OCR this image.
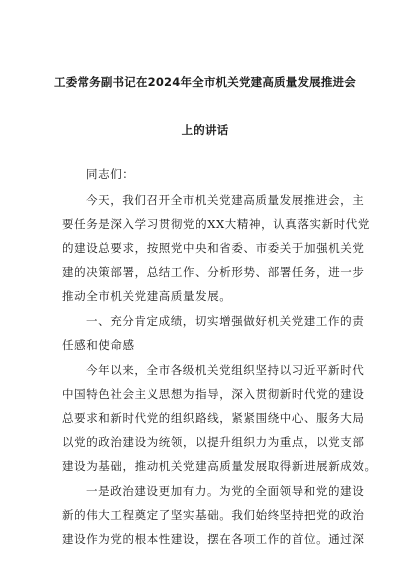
工委常务副书记在2024年全市机关党建高质量发展推进会
上的讲话
同志们：
今天，我们召开全市机关党建高质量发展推进会，主
要任务是深入学习贯彻党的XX大精神，认真落实新时代党
的建设总要求，按照党中央和省委、市委关于加强机关党
建的决策部署，总结工作、分析形势、部署任务，进一步
推动全市机关党建高质量发展。
一、充分肯定成绩，切实增强做好机关党建工作的责
任感和使命感
今年以来，全市各级机关党组织坚持以习近平新时代
中国特色社会主义思想为指导，深入贯彻新时代党的建设
总要求和新时代党的组织路线，紧紧围绕中心、服务大局
以党的政治建设为统领，以提升组织力为重点，以党支部
建设为基础，推动机关党建高质量发展取得新进展新成效。
一是政治建设更加有力。为党的全面领导和党的建设
新的伟大工程奠定了坚实基础。我们始终坚持把党的政治
建设作为党的根本性建设，摆在各项工作的首位。通过深
